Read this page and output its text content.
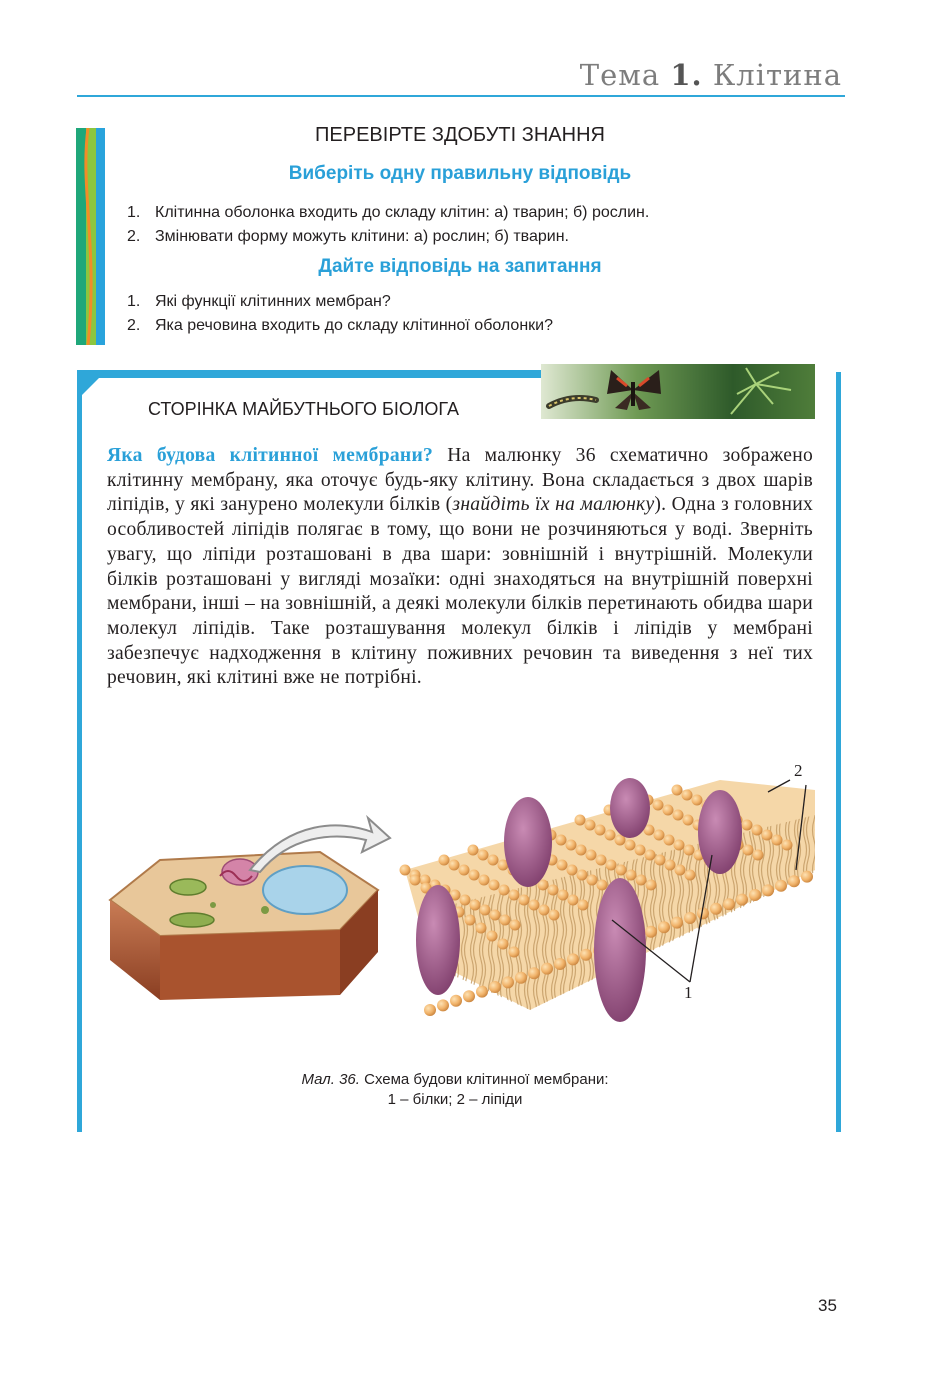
Тема 1. Клітина
ПЕРЕВІРТЕ ЗДОБУТІ ЗНАННЯ
Виберіть одну правильну відповідь
1. Клітинна оболонка входить до складу клітин: а) тварин; б) рослин.
2. Змінювати форму можуть клітини: а) рослин; б) тварин.
Дайте відповідь на запитання
1. Які функції клітинних мембран?
2. Яка речовина входить до складу клітинної оболонки?
СТОРІНКА МАЙБУТНЬОГО БІОЛОГА
Яка будова клітинної мембрани? На малюнку 36 схематично зображено клітинну мембрану, яка оточує будь-яку клітину. Вона складається з двох шарів ліпідів, у які занурено молекули білків (знайдіть їх на малюнку). Одна з головних особливостей ліпідів полягає в тому, що вони не розчиняються у воді. Зверніть увагу, що ліпіди розташовані в два шари: зовнішній і внутрішній. Молекули білків розташовані у вигляді мозаїки: одні знаходяться на внутрішній поверхні мембрани, інші – на зовнішній, а деякі молекули білків перетинають обидва шари молекул ліпідів. Таке розташування молекул білків і ліпідів у мембрані забезпечує надходження в клітину поживних речовин та виведення з неї тих речовин, які клітині вже не потрібні.
1
2
Мал. 36. Схема будови клітинної мембрани:
1 – білки; 2 – ліпіди
35
